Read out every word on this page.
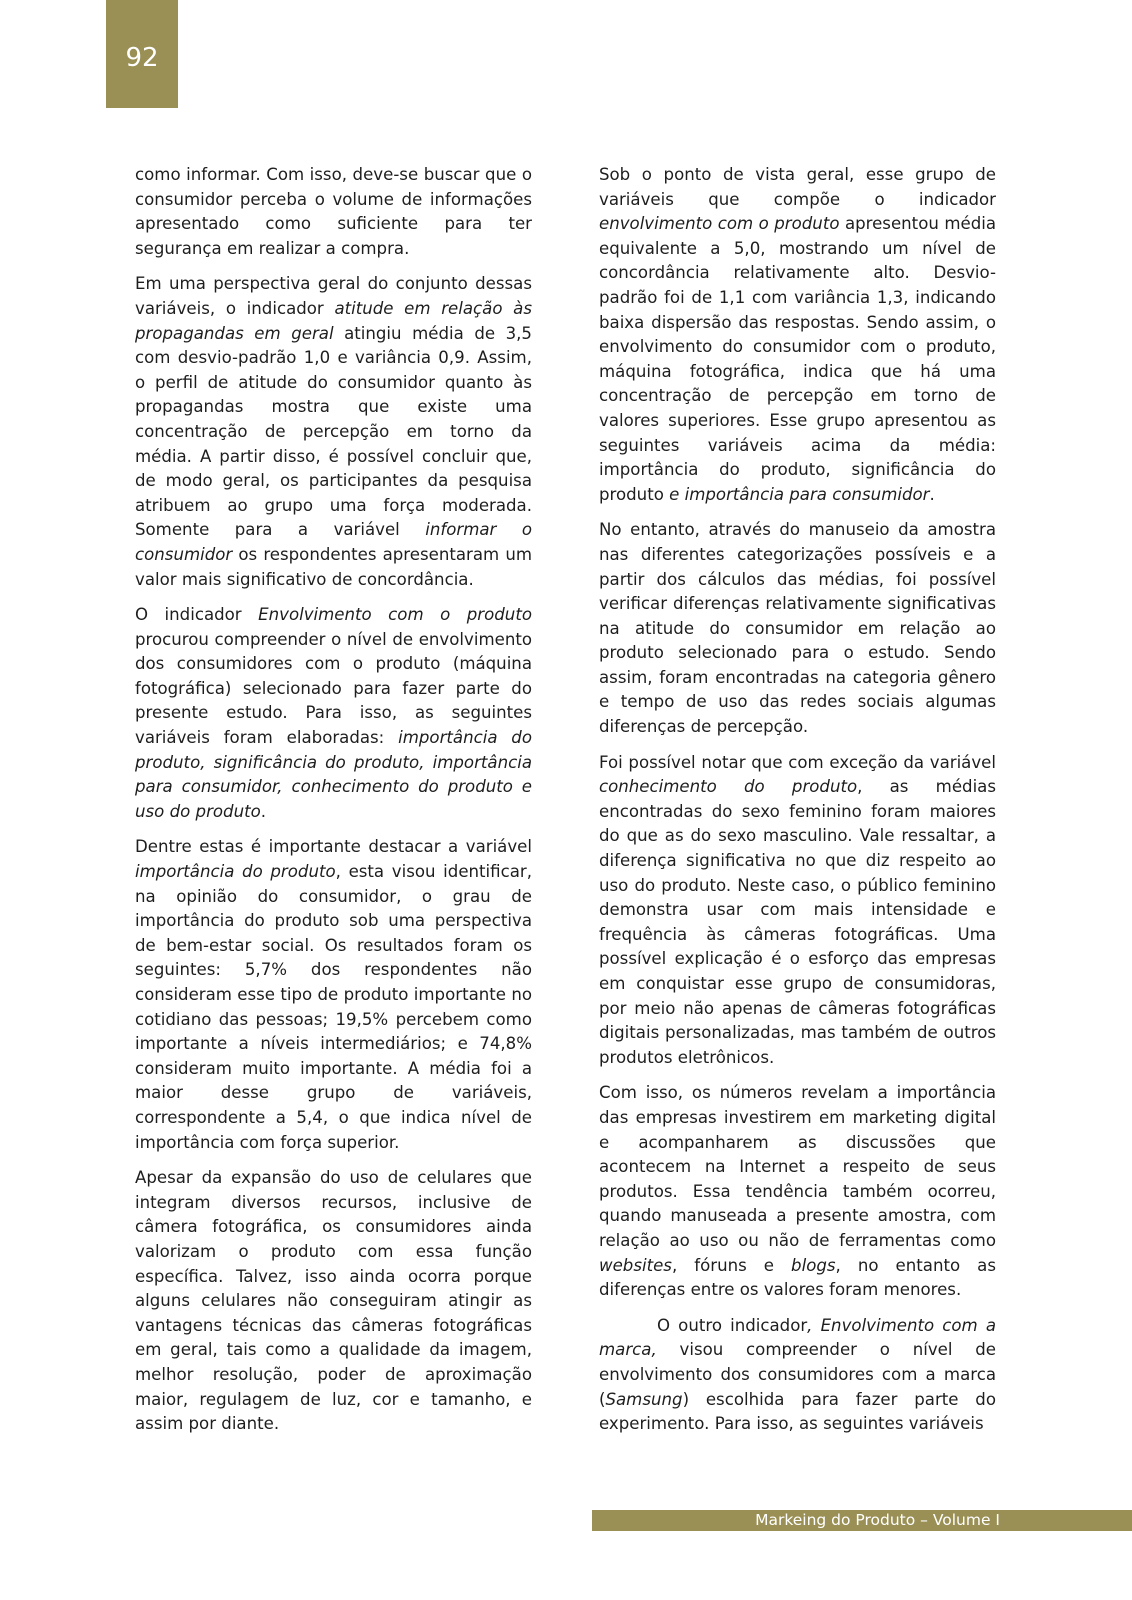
92

como informar. Com isso, deve-se buscar que o consumidor perceba o volume de informações apresentado como suficiente para ter segurança em realizar a compra.

Em uma perspectiva geral do conjunto dessas variáveis, o indicador atitude em relação às propagandas em geral atingiu média de 3,5 com desvio-padrão 1,0 e variância 0,9. Assim, o perfil de atitude do consumidor quanto às propagandas mostra que existe uma concentração de percepção em torno da média. A partir disso, é possível concluir que, de modo geral, os participantes da pesquisa atribuem ao grupo uma força moderada. Somente para a variável informar o consumidor os respondentes apresentaram um valor mais significativo de concordância.

O indicador Envolvimento com o produto procurou compreender o nível de envolvimento dos consumidores com o produto (máquina fotográfica) selecionado para fazer parte do presente estudo. Para isso, as seguintes variáveis foram elaboradas: importância do produto, significância do produto, importância para consumidor, conhecimento do produto e uso do produto.

Dentre estas é importante destacar a variável importância do produto, esta visou identificar, na opinião do consumidor, o grau de importância do produto sob uma perspectiva de bem-estar social. Os resultados foram os seguintes: 5,7% dos respondentes não consideram esse tipo de produto importante no cotidiano das pessoas; 19,5% percebem como importante a níveis intermediários; e 74,8% consideram muito importante. A média foi a maior desse grupo de variáveis, correspondente a 5,4, o que indica nível de importância com força superior.

Apesar da expansão do uso de celulares que integram diversos recursos, inclusive de câmera fotográfica, os consumidores ainda valorizam o produto com essa função específica. Talvez, isso ainda ocorra porque alguns celulares não conseguiram atingir as vantagens técnicas das câmeras fotográficas em geral, tais como a qualidade da imagem, melhor resolução, poder de aproximação maior, regulagem de luz, cor e tamanho, e assim por diante.

Sob o ponto de vista geral, esse grupo de variáveis que compõe o indicador envolvimento com o produto apresentou média equivalente a 5,0, mostrando um nível de concordância relativamente alto. Desvio-padrão foi de 1,1 com variância 1,3, indicando baixa dispersão das respostas. Sendo assim, o envolvimento do consumidor com o produto, máquina fotográfica, indica que há uma concentração de percepção em torno de valores superiores. Esse grupo apresentou as seguintes variáveis acima da média: importância do produto, significância do produto e importância para consumidor.

No entanto, através do manuseio da amostra nas diferentes categorizações possíveis e a partir dos cálculos das médias, foi possível verificar diferenças relativamente significativas na atitude do consumidor em relação ao produto selecionado para o estudo. Sendo assim, foram encontradas na categoria gênero e tempo de uso das redes sociais algumas diferenças de percepção.

Foi possível notar que com exceção da variável conhecimento do produto, as médias encontradas do sexo feminino foram maiores do que as do sexo masculino. Vale ressaltar, a diferença significativa no que diz respeito ao uso do produto. Neste caso, o público feminino demonstra usar com mais intensidade e frequência às câmeras fotográficas. Uma possível explicação é o esforço das empresas em conquistar esse grupo de consumidoras, por meio não apenas de câmeras fotográficas digitais personalizadas, mas também de outros produtos eletrônicos.

Com isso, os números revelam a importância das empresas investirem em marketing digital e acompanharem as discussões que acontecem na Internet a respeito de seus produtos. Essa tendência também ocorreu, quando manuseada a presente amostra, com relação ao uso ou não de ferramentas como websites, fóruns e blogs, no entanto as diferenças entre os valores foram menores.

O outro indicador, Envolvimento com a marca, visou compreender o nível de envolvimento dos consumidores com a marca (Samsung) escolhida para fazer parte do experimento. Para isso, as seguintes variáveis

Markeing do Produto – Volume I
